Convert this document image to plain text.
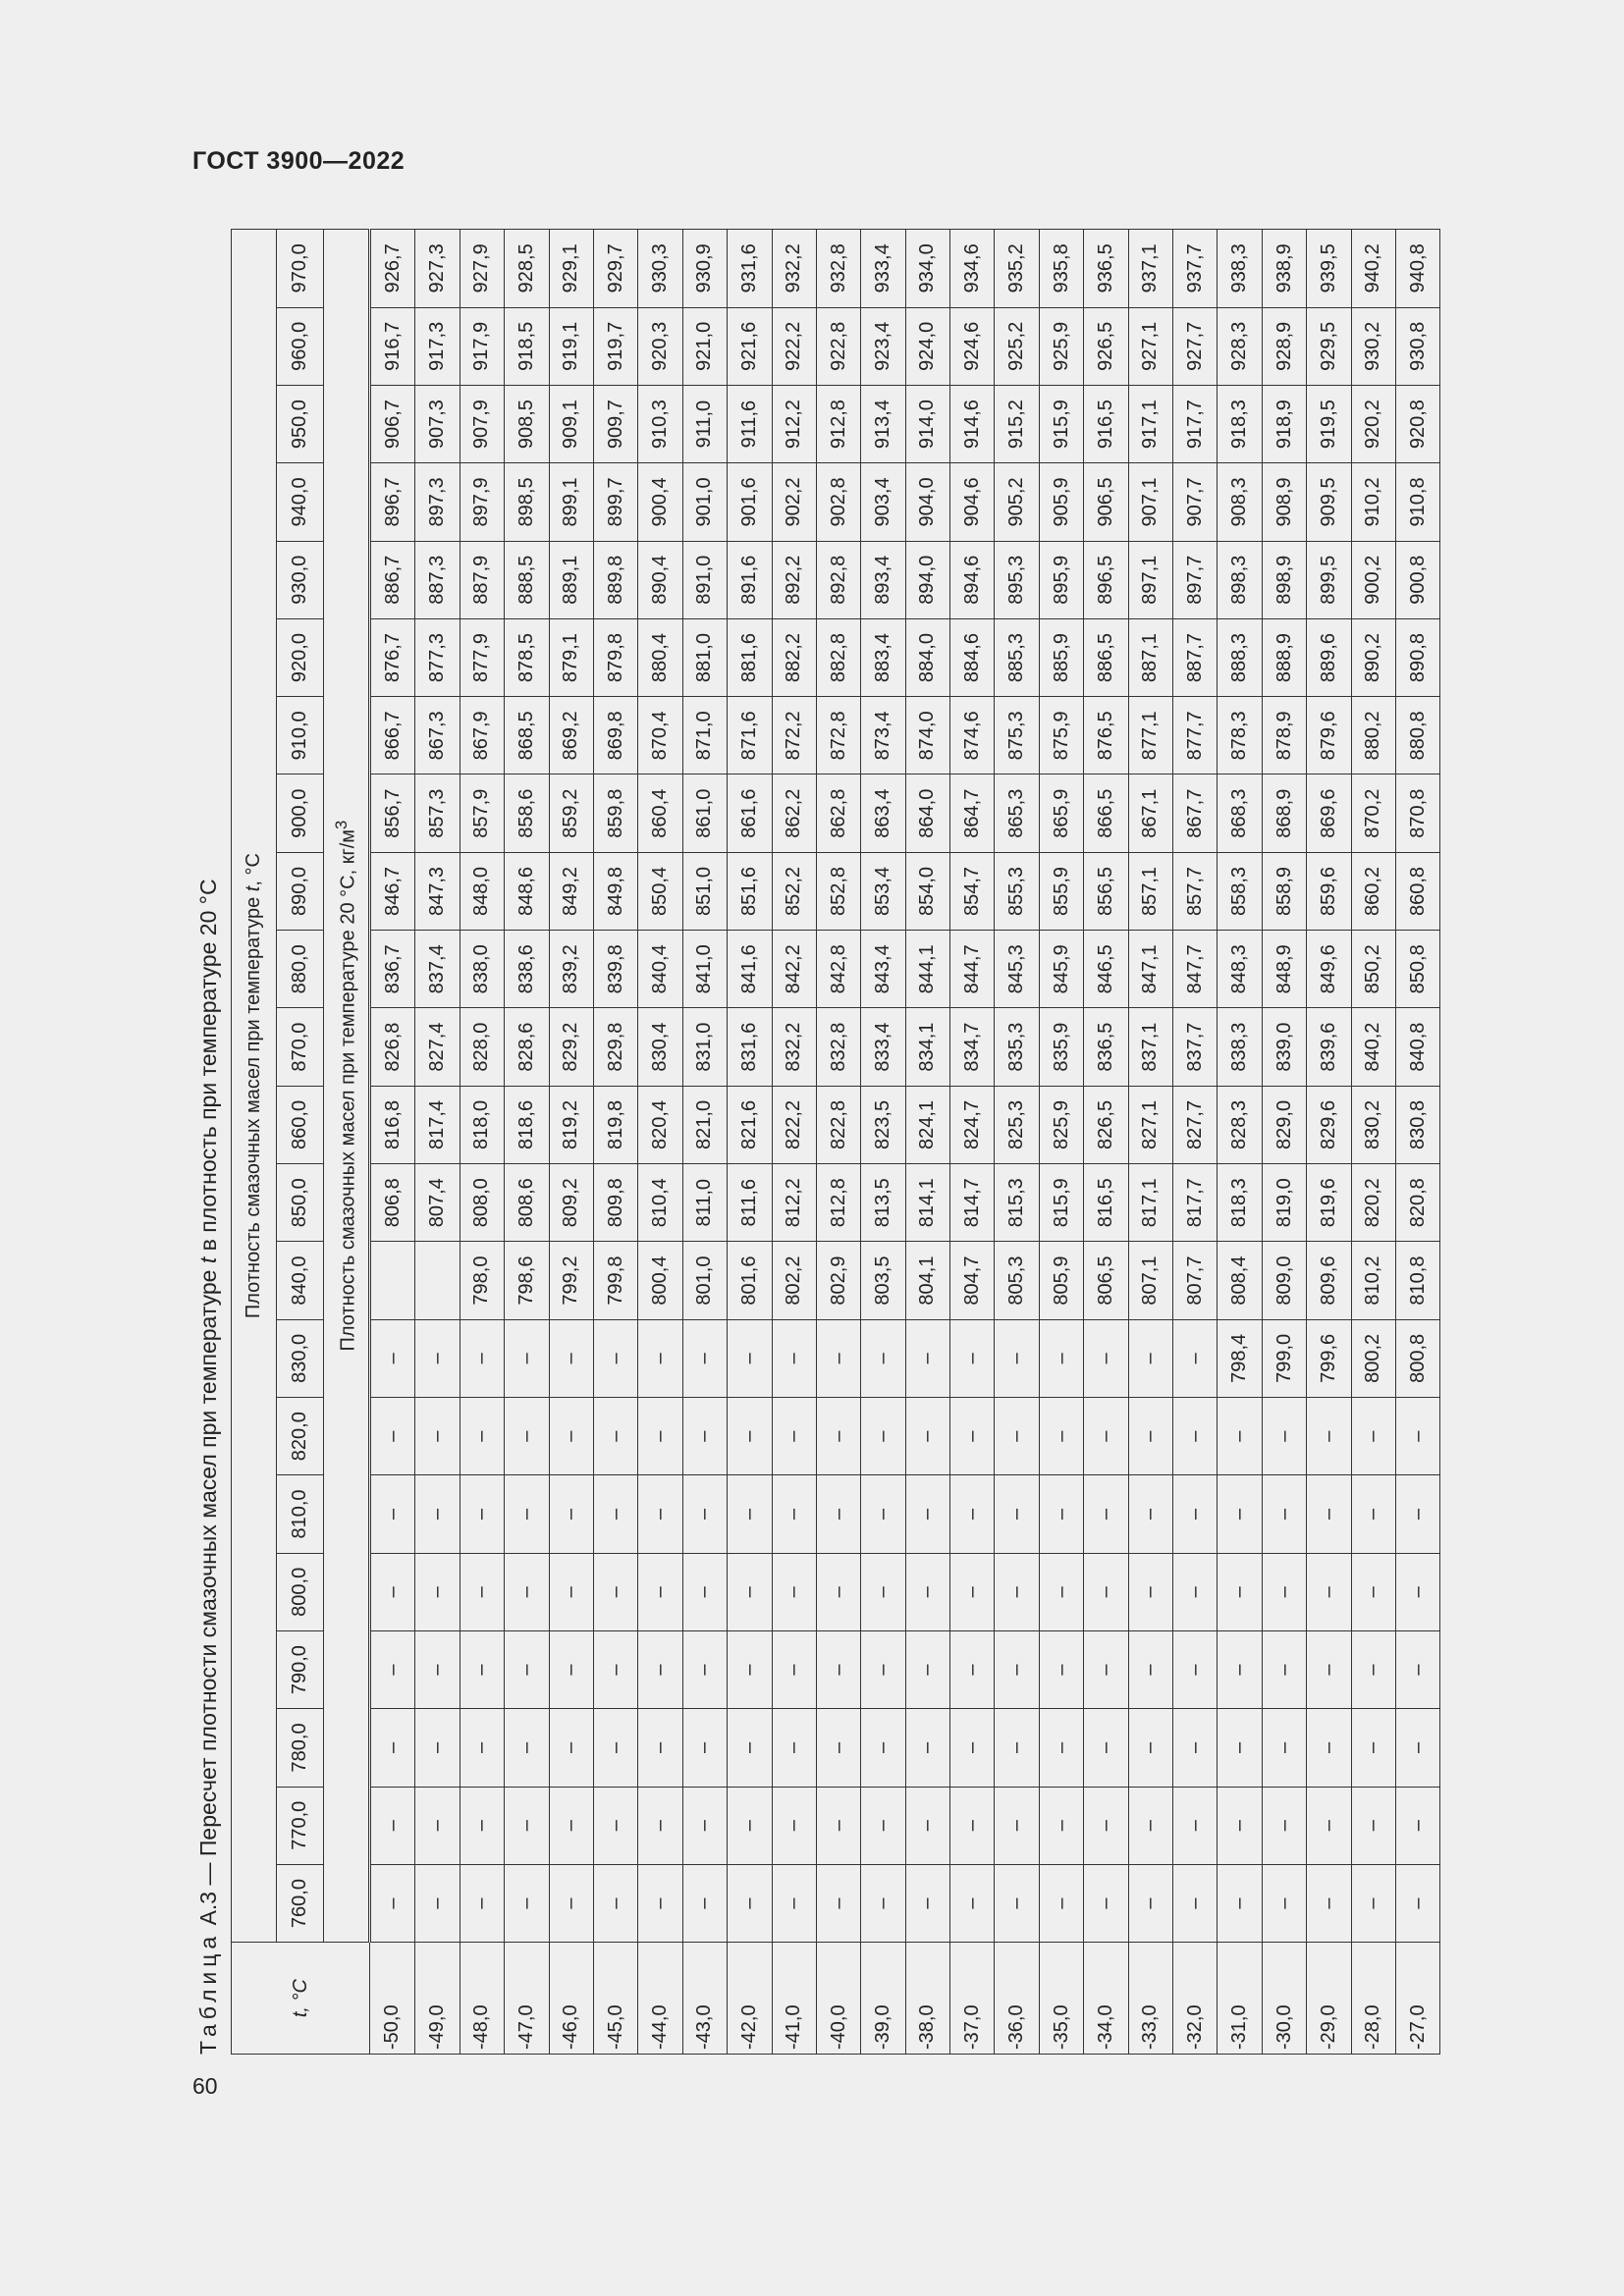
ГОСТ 3900—2022
60
Таблица А.3 — Пересчет плотности смазочных масел при температуре t в плотность при температуре 20 °С
t, °C	Плотность смазочных масел при температуре t, °C																					
	760,0	770,0	780,0	790,0	800,0	810,0	820,0	830,0	840,0	850,0	860,0	870,0	880,0	890,0	900,0	910,0	920,0	930,0	940,0	950,0	960,0	970,0
	Плотность смазочных масел при температуре 20 °С, $кг/м^3$
-50,0	–	–	–	–	–	–	–	–		806,8	816,8	826,8	836,7	846,7	856,7	866,7	876,7	886,7	896,7	906,7	916,7	926,7
-49,0	–	–	–	–	–	–	–	–		807,4	817,4	827,4	837,4	847,3	857,3	867,3	877,3	887,3	897,3	907,3	917,3	927,3
-48,0	–	–	–	–	–	–	–	–	798,0	808,0	818,0	828,0	838,0	848,0	857,9	867,9	877,9	887,9	897,9	907,9	917,9	927,9
-47,0	–	–	–	–	–	–	–	–	798,6	808,6	818,6	828,6	838,6	848,6	858,6	868,5	878,5	888,5	898,5	908,5	918,5	928,5
-46,0	–	–	–	–	–	–	–	–	799,2	809,2	819,2	829,2	839,2	849,2	859,2	869,2	879,1	889,1	899,1	909,1	919,1	929,1
-45,0	–	–	–	–	–	–	–	–	799,8	809,8	819,8	829,8	839,8	849,8	859,8	869,8	879,8	889,8	899,7	909,7	919,7	929,7
-44,0	–	–	–	–	–	–	–	–	800,4	810,4	820,4	830,4	840,4	850,4	860,4	870,4	880,4	890,4	900,4	910,3	920,3	930,3
-43,0	–	–	–	–	–	–	–	–	801,0	811,0	821,0	831,0	841,0	851,0	861,0	871,0	881,0	891,0	901,0	911,0	921,0	930,9
-42,0	–	–	–	–	–	–	–	–	801,6	811,6	821,6	831,6	841,6	851,6	861,6	871,6	881,6	891,6	901,6	911,6	921,6	931,6
-41,0	–	–	–	–	–	–	–	–	802,2	812,2	822,2	832,2	842,2	852,2	862,2	872,2	882,2	892,2	902,2	912,2	922,2	932,2
-40,0	–	–	–	–	–	–	–	–	802,9	812,8	822,8	832,8	842,8	852,8	862,8	872,8	882,8	892,8	902,8	912,8	922,8	932,8
-39,0	–	–	–	–	–	–	–	–	803,5	813,5	823,5	833,4	843,4	853,4	863,4	873,4	883,4	893,4	903,4	913,4	923,4	933,4
-38,0	–	–	–	–	–	–	–	–	804,1	814,1	824,1	834,1	844,1	854,0	864,0	874,0	884,0	894,0	904,0	914,0	924,0	934,0
-37,0	–	–	–	–	–	–	–	–	804,7	814,7	824,7	834,7	844,7	854,7	864,7	874,6	884,6	894,6	904,6	914,6	924,6	934,6
-36,0	–	–	–	–	–	–	–	–	805,3	815,3	825,3	835,3	845,3	855,3	865,3	875,3	885,3	895,3	905,2	915,2	925,2	935,2
-35,0	–	–	–	–	–	–	–	–	805,9	815,9	825,9	835,9	845,9	855,9	865,9	875,9	885,9	895,9	905,9	915,9	925,9	935,8
-34,0	–	–	–	–	–	–	–	–	806,5	816,5	826,5	836,5	846,5	856,5	866,5	876,5	886,5	896,5	906,5	916,5	926,5	936,5
-33,0	–	–	–	–	–	–	–	–	807,1	817,1	827,1	837,1	847,1	857,1	867,1	877,1	887,1	897,1	907,1	917,1	927,1	937,1
-32,0	–	–	–	–	–	–	–	–	807,7	817,7	827,7	837,7	847,7	857,7	867,7	877,7	887,7	897,7	907,7	917,7	927,7	937,7
-31,0	–	–	–	–	–	–	–	798,4	808,4	818,3	828,3	838,3	848,3	858,3	868,3	878,3	888,3	898,3	908,3	918,3	928,3	938,3
-30,0	–	–	–	–	–	–	–	799,0	809,0	819,0	829,0	839,0	848,9	858,9	868,9	878,9	888,9	898,9	908,9	918,9	928,9	938,9
-29,0	–	–	–	–	–	–	–	799,6	809,6	819,6	829,6	839,6	849,6	859,6	869,6	879,6	889,6	899,5	909,5	919,5	929,5	939,5
-28,0	–	–	–	–	–	–	–	800,2	810,2	820,2	830,2	840,2	850,2	860,2	870,2	880,2	890,2	900,2	910,2	920,2	930,2	940,2
-27,0	–	–	–	–	–	–	–	800,8	810,8	820,8	830,8	840,8	850,8	860,8	870,8	880,8	890,8	900,8	910,8	920,8	930,8	940,8
